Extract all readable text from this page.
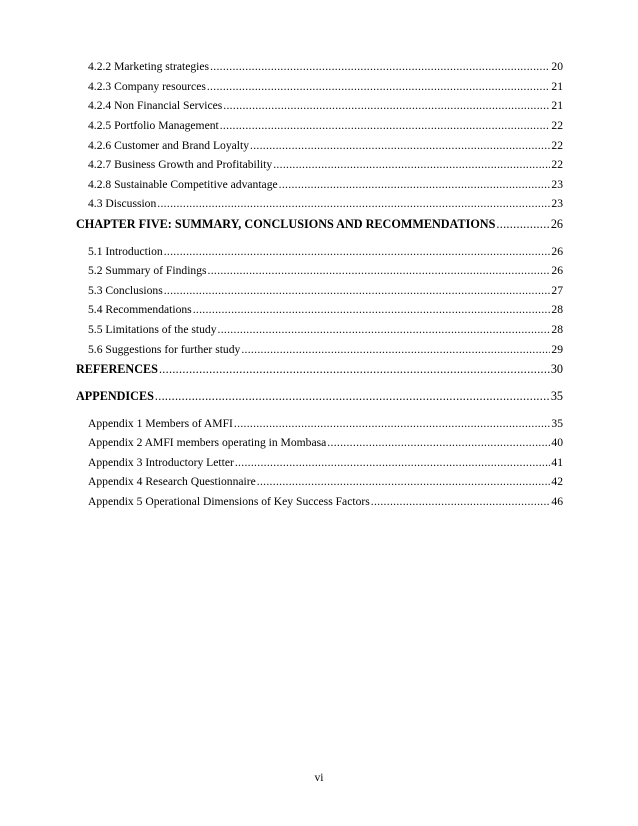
4.2.2 Marketing strategies .....	20
4.2.3 Company resources .....	21
4.2.4 Non Financial Services .....	21
4.2.5 Portfolio Management .....	22
4.2.6 Customer and Brand Loyalty .....	22
4.2.7 Business Growth and Profitability .....	22
4.2.8 Sustainable Competitive advantage .....	23
4.3 Discussion .....	23
CHAPTER FIVE: SUMMARY, CONCLUSIONS AND RECOMMENDATIONS .....	26
5.1 Introduction .....	26
5.2 Summary of Findings .....	26
5.3 Conclusions .....	27
5.4 Recommendations .....	28
5.5 Limitations of the study .....	28
5.6 Suggestions for further study .....	29
REFERENCES .....	30
APPENDICES .....	35
Appendix 1 Members of AMFI .....	35
Appendix 2 AMFI members operating in Mombasa .....	40
Appendix 3 Introductory Letter .....	41
Appendix 4 Research Questionnaire .....	42
Appendix 5 Operational Dimensions of Key Success Factors .....	46
vi
